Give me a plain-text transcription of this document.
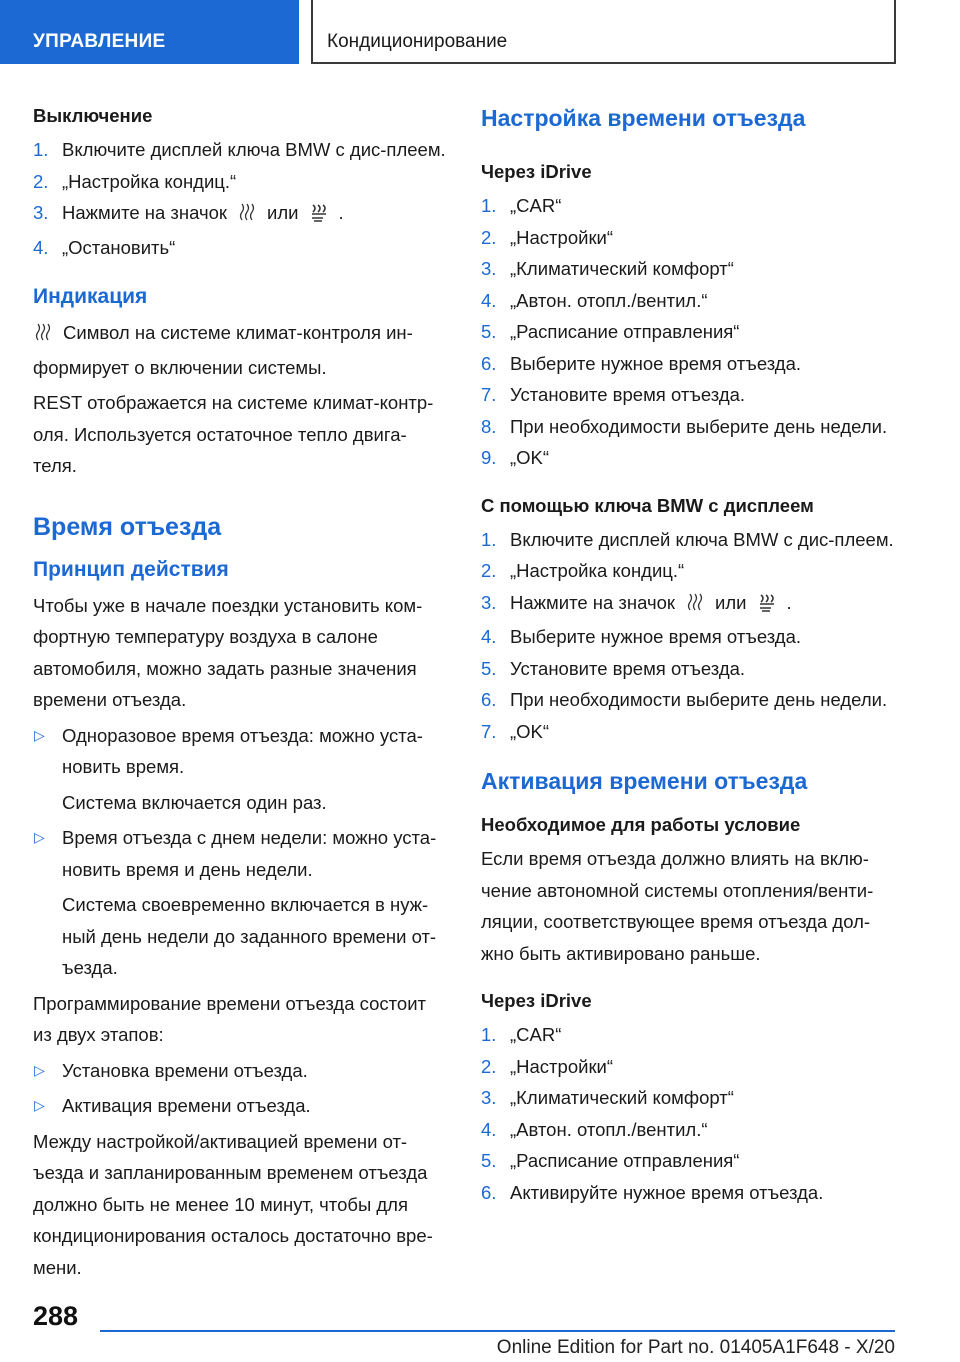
УПРАВЛЕНИЕ	Кондиционирование
Выключение
1. Включите дисплей ключа BMW с дис-плеем.
2. „Настройка кондиц.“
3. Нажмите на значок или .
4. „Остановить“
Индикация
Символ на системе климат-контроля ин-формирует о включении системы.
REST отображается на системе климат-контр-оля. Используется остаточное тепло двига-теля.
Время отъезда
Принцип действия
Чтобы уже в начале поездки установить ком-фортную температуру воздуха в салоне автомобиля, можно задать разные значения времени отъезда.
▷ Одноразовое время отъезда: можно уста-новить время.
Система включается один раз.
▷ Время отъезда с днем недели: можно уста-новить время и день недели.
Система своевременно включается в нуж-ный день недели до заданного времени от-ъезда.
Программирование времени отъезда состоит из двух этапов:
▷ Установка времени отъезда.
▷ Активация времени отъезда.
Между настройкой/активацией времени от-ъезда и запланированным временем отъезда должно быть не менее 10 минут, чтобы для кондиционирования осталось достаточно вре-мени.
Настройка времени отъезда
Через iDrive
1. „CAR“
2. „Настройки“
3. „Климатический комфорт“
4. „Автон. отопл./вентил.“
5. „Расписание отправления“
6. Выберите нужное время отъезда.
7. Установите время отъезда.
8. При необходимости выберите день недели.
9. „OK“
С помощью ключа BMW с дисплеем
1. Включите дисплей ключа BMW с дис-плеем.
2. „Настройка кондиц.“
3. Нажмите на значок или .
4. Выберите нужное время отъезда.
5. Установите время отъезда.
6. При необходимости выберите день недели.
7. „OK“
Активация времени отъезда
Необходимое для работы условие
Если время отъезда должно влиять на вклю-чение автономной системы отопления/венти-ляции, соответствующее время отъезда дол-жно быть активировано раньше.
Через iDrive
1. „CAR“
2. „Настройки“
3. „Климатический комфорт“
4. „Автон. отопл./вентил.“
5. „Расписание отправления“
6. Активируйте нужное время отъезда.
288
Online Edition for Part no. 01405A1F648 - X/20
